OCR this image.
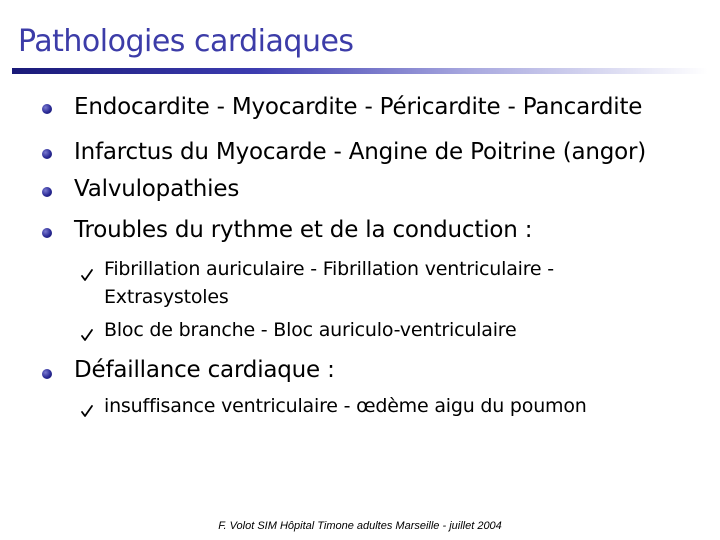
Pathologies cardiaques
Endocardite - Myocardite - Péricardite - Pancardite
Infarctus du Myocarde - Angine de Poitrine (angor)
Valvulopathies
Troubles du rythme et de la conduction :
Fibrillation auriculaire - Fibrillation ventriculaire -
Extrasystoles
Bloc de branche - Bloc auriculo-ventriculaire
Défaillance cardiaque :
insuffisance ventriculaire - œdème aigu du poumon
F. Volot SIM Hôpital Timone adultes Marseille - juillet 2004
